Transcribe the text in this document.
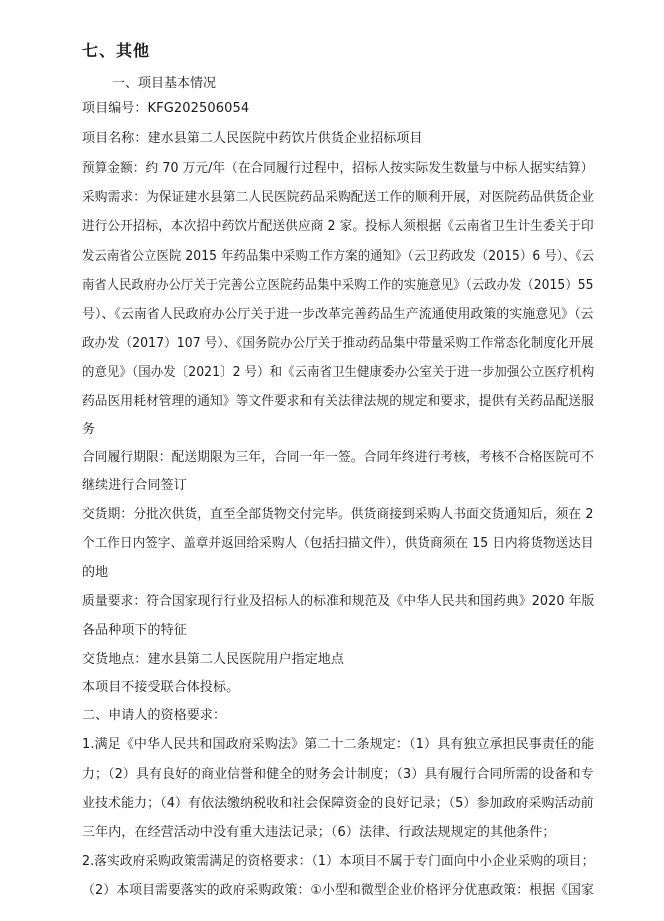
七、其他
一、项目基本情况
项目编号：KFG202506054
项目名称：建水县第二人民医院中药饮片供货企业招标项目
预算金额：约 70 万元/年（在合同履行过程中，招标人按实际发生数量与中标人据实结算）
采购需求：为保证建水县第二人民医院药品采购配送工作的顺利开展，对医院药品供货企业
进行公开招标，本次招中药饮片配送供应商 2 家。投标人须根据《云南省卫生计生委关于印
发云南省公立医院 2015 年药品集中采购工作方案的通知》（云卫药政发（2015）6 号）、《云
南省人民政府办公厅关于完善公立医院药品集中采购工作的实施意见》（云政办发（2015）55
号）、《云南省人民政府办公厅关于进一步改革完善药品生产流通使用政策的实施意见》（云
政办发（2017）107 号）、《国务院办公厅关于推动药品集中带量采购工作常态化制度化开展
的意见》（国办发〔2021〕2 号）和《云南省卫生健康委办公室关于进一步加强公立医疗机构
药品医用耗材管理的通知》等文件要求和有关法律法规的规定和要求，提供有关药品配送服
务
合同履行期限：配送期限为三年，合同一年一签。合同年终进行考核，考核不合格医院可不
继续进行合同签订
交货期：分批次供货，直至全部货物交付完毕。供货商接到采购人书面交货通知后，须在 2
个工作日内签字、盖章并返回给采购人（包括扫描文件），供货商须在 15 日内将货物送达目
的地
质量要求：符合国家现行行业及招标人的标准和规范及《中华人民共和国药典》2020 年版
各品种项下的特征
交货地点：建水县第二人民医院用户指定地点
本项目不接受联合体投标。
二、申请人的资格要求：
1.满足《中华人民共和国政府采购法》第二十二条规定：（1）具有独立承担民事责任的能
力；（2）具有良好的商业信誉和健全的财务会计制度；（3）具有履行合同所需的设备和专
业技术能力；（4）有依法缴纳税收和社会保障资金的良好记录；（5）参加政府采购活动前
三年内，在经营活动中没有重大违法记录；（6）法律、行政法规规定的其他条件；
2.落实政府采购政策需满足的资格要求：（1）本项目不属于专门面向中小企业采购的项目；
（2）本项目需要落实的政府采购政策：①小型和微型企业价格评分优惠政策：根据《国家
